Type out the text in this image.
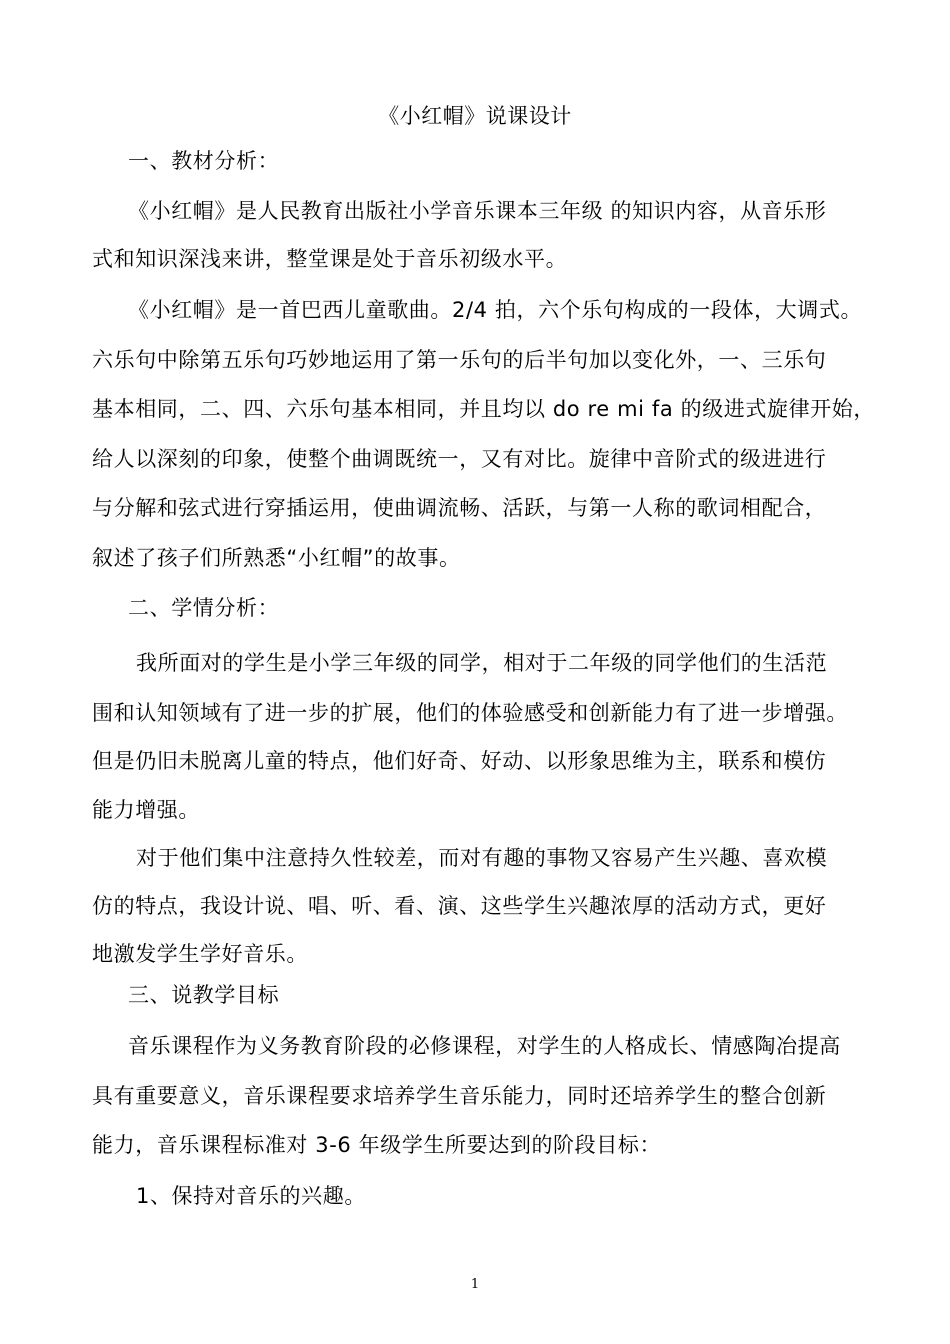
《小红帽》说课设计
一、教材分析：
《小红帽》是人民教育出版社小学音乐课本三年级 的知识内容，从音乐形
式和知识深浅来讲，整堂课是处于音乐初级水平。
《小红帽》是一首巴西儿童歌曲。2/4 拍，六个乐句构成的一段体，大调式。
六乐句中除第五乐句巧妙地运用了第一乐句的后半句加以变化外，一、三乐句
基本相同，二、四、六乐句基本相同，并且均以 do re mi fa 的级进式旋律开始，
给人以深刻的印象，使整个曲调既统一，又有对比。旋律中音阶式的级进进行
与分解和弦式进行穿插运用，使曲调流畅、活跃，与第一人称的歌词相配合，
叙述了孩子们所熟悉“小红帽”的故事。
二、学情分析：
我所面对的学生是小学三年级的同学，相对于二年级的同学他们的生活范
围和认知领域有了进一步的扩展，他们的体验感受和创新能力有了进一步增强。
但是仍旧未脱离儿童的特点，他们好奇、好动、以形象思维为主，联系和模仿
能力增强。
对于他们集中注意持久性较差，而对有趣的事物又容易产生兴趣、喜欢模
仿的特点，我设计说、唱、听、看、演、这些学生兴趣浓厚的活动方式，更好
地激发学生学好音乐。
三、说教学目标
音乐课程作为义务教育阶段的必修课程，对学生的人格成长、情感陶冶提高
具有重要意义，音乐课程要求培养学生音乐能力，同时还培养学生的整合创新
能力，音乐课程标准对 3-6 年级学生所要达到的阶段目标：
1、保持对音乐的兴趣。
1
